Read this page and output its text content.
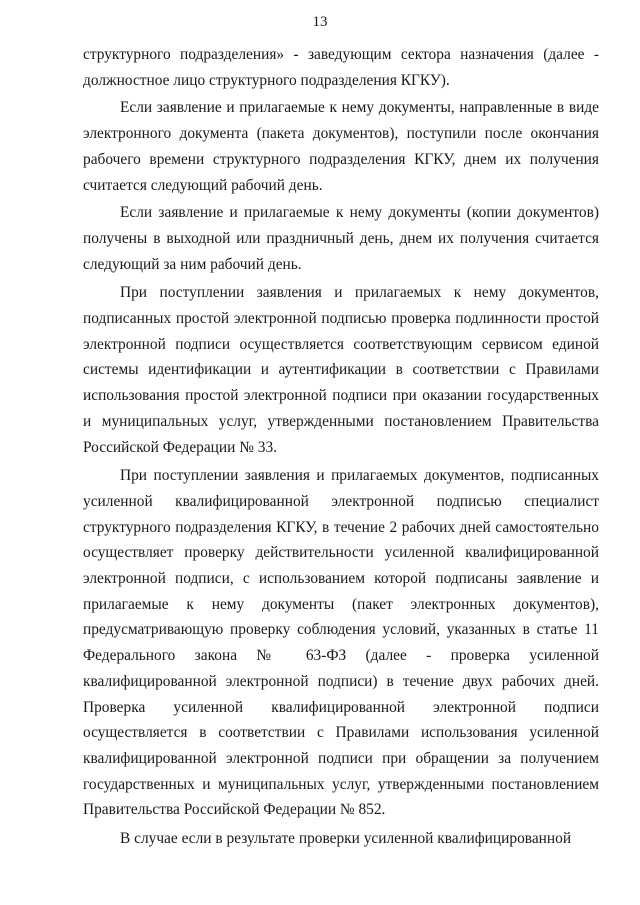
13

структурного подразделения» - заведующим сектора назначения (далее - должностное лицо структурного подразделения КГКУ).

Если заявление и прилагаемые к нему документы, направленные в виде электронного документа (пакета документов), поступили после окончания рабочего времени структурного подразделения КГКУ, днем их получения считается следующий рабочий день.

Если заявление и прилагаемые к нему документы (копии документов) получены в выходной или праздничный день, днем их получения считается следующий за ним рабочий день.

При поступлении заявления и прилагаемых к нему документов, подписанных простой электронной подписью проверка подлинности простой электронной подписи осуществляется соответствующим сервисом единой системы идентификации и аутентификации в соответствии с Правилами использования простой электронной подписи при оказании государственных и муниципальных услуг, утвержденными постановлением Правительства Российской Федерации № 33.

При поступлении заявления и прилагаемых документов, подписанных усиленной квалифицированной электронной подписью специалист структурного подразделения КГКУ, в течение 2 рабочих дней самостоятельно осуществляет проверку действительности усиленной квалифицированной электронной подписи, с использованием которой подписаны заявление и прилагаемые к нему документы (пакет электронных документов), предусматривающую проверку соблюдения условий, указанных в статье 11 Федерального закона № 63-ФЗ (далее - проверка усиленной квалифицированной электронной подписи) в течение двух рабочих дней. Проверка усиленной квалифицированной электронной подписи осуществляется в соответствии с Правилами использования усиленной квалифицированной электронной подписи при обращении за получением государственных и муниципальных услуг, утвержденными постановлением Правительства Российской Федерации № 852.

В случае если в результате проверки усиленной квалифицированной
